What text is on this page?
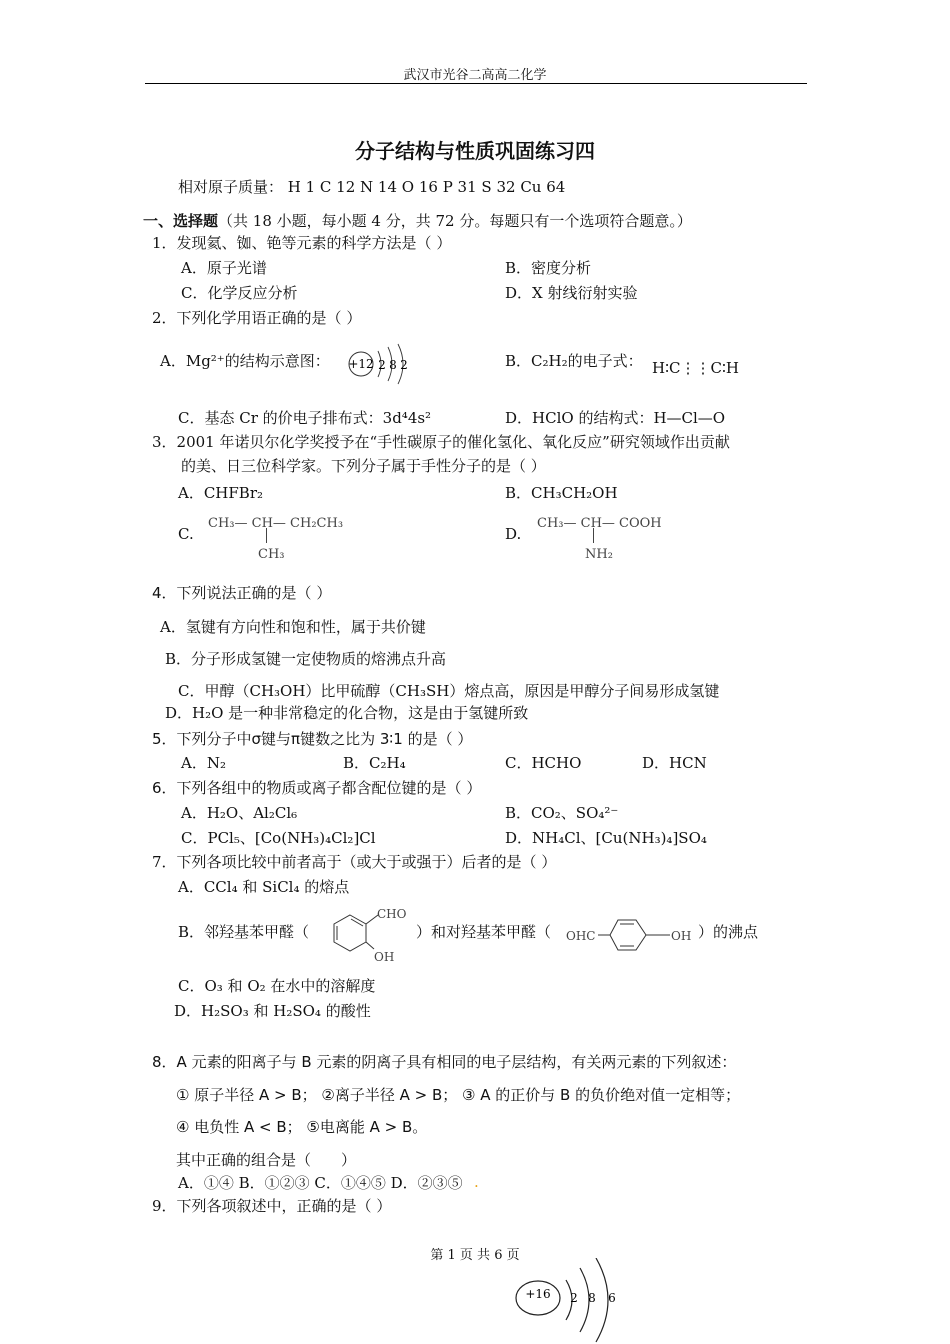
武汉市光谷二高高二化学
分子结构与性质巩固练习四
相对原子质量： H 1 C 12 N 14 O 16 P 31 S 32 Cu 64
一、选择题（共 18 小题，每小题 4 分，共 72 分。每题只有一个选项符合题意。）
1．发现氦、铷、铯等元素的科学方法是（ ）
A．原子光谱	B．密度分析
C．化学反应分析	D．X 射线衍射实验
2．下列化学用语正确的是（ ）
A．Mg²⁺的结构示意图： +12 2 8 2	B．C₂H₂的电子式： H∶C⋮⋮C∶H
C．基态 Cr 的价电子排布式：3d⁴4s²	D．HClO 的结构式：H—Cl—O
3．2001 年诺贝尔化学奖授予在“手性碳原子的催化氢化、氧化反应”研究领域作出贡献
的美、日三位科学家。下列分子属于手性分子的是（ ）
A．CHFBr₂	B．CH₃CH₂OH
C.
CH₃— CH— CH₂CH₃
CH₃
D.
CH₃— CH— COOH
NH₂
4．下列说法正确的是（ ）
A．氢键有方向性和饱和性，属于共价键
B．分子形成氢键一定使物质的熔沸点升高
C．甲醇（CH₃OH）比甲硫醇（CH₃SH）熔点高，原因是甲醇分子间易形成氢键
D．H₂O 是一种非常稳定的化合物，这是由于氢键所致
5．下列分子中σ键与π键数之比为 3∶1 的是（ ）
A．N₂	B．C₂H₄	C．HCHO	D．HCN
6．下列各组中的物质或离子都含配位键的是（ ）
A．H₂O、Al₂Cl₆	B．CO₂、SO₄²⁻
C．PCl₅、[Co(NH₃)₄Cl₂]Cl	D．NH₄Cl、[Cu(NH₃)₄]SO₄
7．下列各项比较中前者高于（或大于或强于）后者的是（ ）
A．CCl₄ 和 SiCl₄ 的熔点
B．邻羟基苯甲醛（
CHO
OH
）和对羟基苯甲醛（ OHC	OH ）的沸点
C．O₃ 和 O₂ 在水中的溶解度
D．H₂SO₃ 和 H₂SO₄ 的酸性
8．A 元素的阳离子与 B 元素的阴离子具有相同的电子层结构，有关两元素的下列叙述：
① 原子半径 A > B； ②离子半径 A > B； ③ A 的正价与 B 的负价绝对值一定相等；
④ 电负性 A < B； ⑤电离能 A > B。
其中正确的组合是（　　）
A．①④ B．①②③ C．①④⑤ D．②③⑤ .
9．下列各项叙述中，正确的是（ ）
第 1 页 共 6 页
+16 2 8 6
